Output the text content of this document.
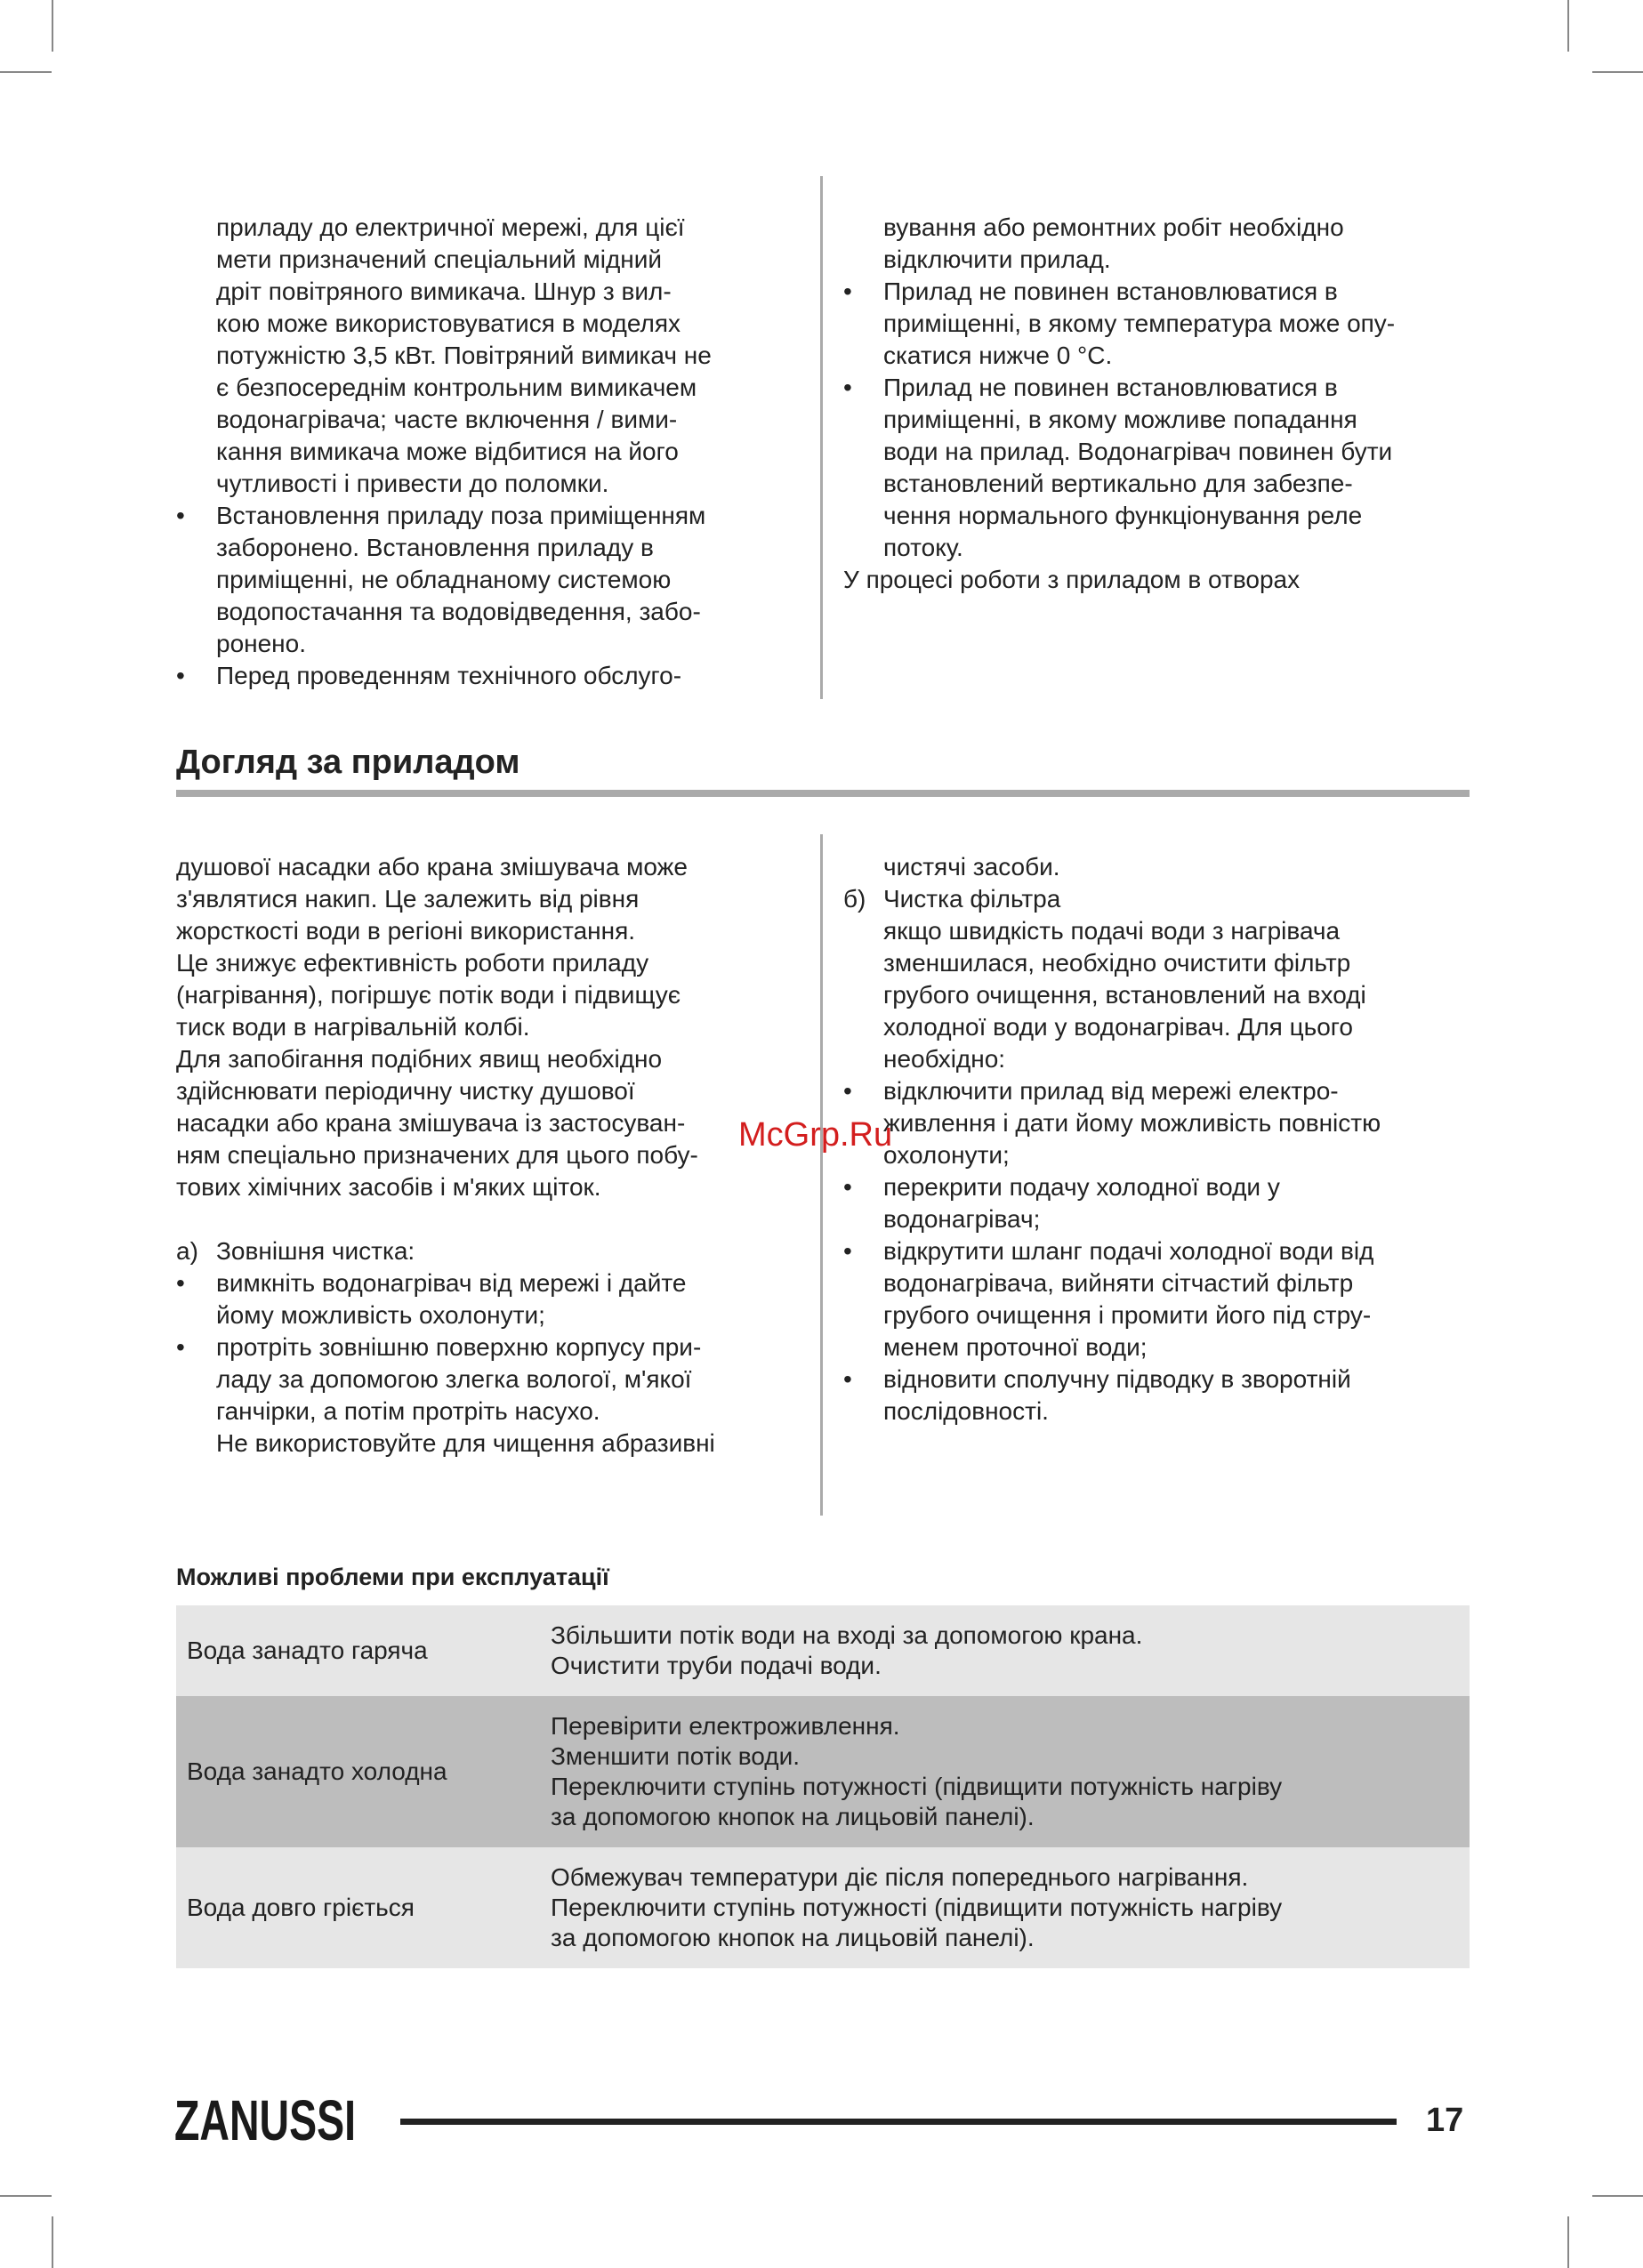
приладу до електричної мережі, для цієї
мети призначений спеціальний мідний
дріт повітряного вимикача. Шнур з вил-
кою може використовуватися в моделях
потужністю 3,5 кВт. Повітряний вимикач не
є безпосереднім контрольним вимикачем
водонагрівача; часте включення / вими-
кання вимикача може відбитися на його
чутливості і привести до поломки.
• Встановлення приладу поза приміщенням
заборонено. Встановлення приладу в
приміщенні, не обладнаному системою
водопостачання та водовідведення, забо-
ронено.
• Перед проведенням технічного обслуго-
вування або ремонтних робіт необхідно
відключити прилад.
• Прилад не повинен встановлюватися в
приміщенні, в якому температура може опу-
скатися нижче 0 °С.
• Прилад не повинен встановлюватися в
приміщенні, в якому можливе попадання
води на прилад. Водонагрівач повинен бути
встановлений вертикально для забезпе-
чення нормального функціонування реле
потоку.
У процесі роботи з приладом в отворах
Догляд за приладом
душової насадки або крана змішувача може
з'являтися накип. Це залежить від рівня
жорсткості води в регіоні використання.
Це знижує ефективність роботи приладу
(нагрівання), погіршує потік води і підвищує
тиск води в нагрівальній колбі.
Для запобігання подібних явищ необхідно
здійснювати періодичну чистку душової
насадки або крана змішувача із застосуван-
ням спеціально призначених для цього побу-
тових хімічних засобів і м'яких щіток.

а) Зовнішня чистка:
• вимкніть водонагрівач від мережі і дайте
йому можливість охолонути;
• протріть зовнішню поверхню корпусу при-
ладу за допомогою злегка вологої, м'якої
ганчірки, а потім протріть насухо.
Не використовуйте для чищення абразивні
чистячі засоби.
б) Чистка фільтра
якщо швидкість подачі води з нагрівача
зменшилася, необхідно очистити фільтр
грубого очищення, встановлений на вході
холодної води у водонагрівач. Для цього
необхідно:
• відключити прилад від мережі електро-
живлення і дати йому можливість повністю
охолонути;
• перекрити подачу холодної води у
водонагрівач;
• відкрутити шланг подачі холодної води від
водонагрівача, вийняти сітчастий фільтр
грубого очищення і промити його під стру-
менем проточної води;
• відновити сполучну підводку в зворотній
послідовності.
McGrp.Ru
Можливі проблеми при експлуатації
Вода занадто гаряча	Збільшити потік води на вході за допомогою крана.
Очистити труби подачі води.

Вода занадто холодна	Перевірити електроживлення.
Зменшити потік води.
Переключити ступінь потужності (підвищити потужність нагріву
за допомогою кнопок на лицьовій панелі).

Вода довго гріється	Обмежувач температури діє після попереднього нагрівання.
Переключити ступінь потужності (підвищити потужність нагріву
за допомогою кнопок на лицьовій панелі).
ZANUSSI	17
